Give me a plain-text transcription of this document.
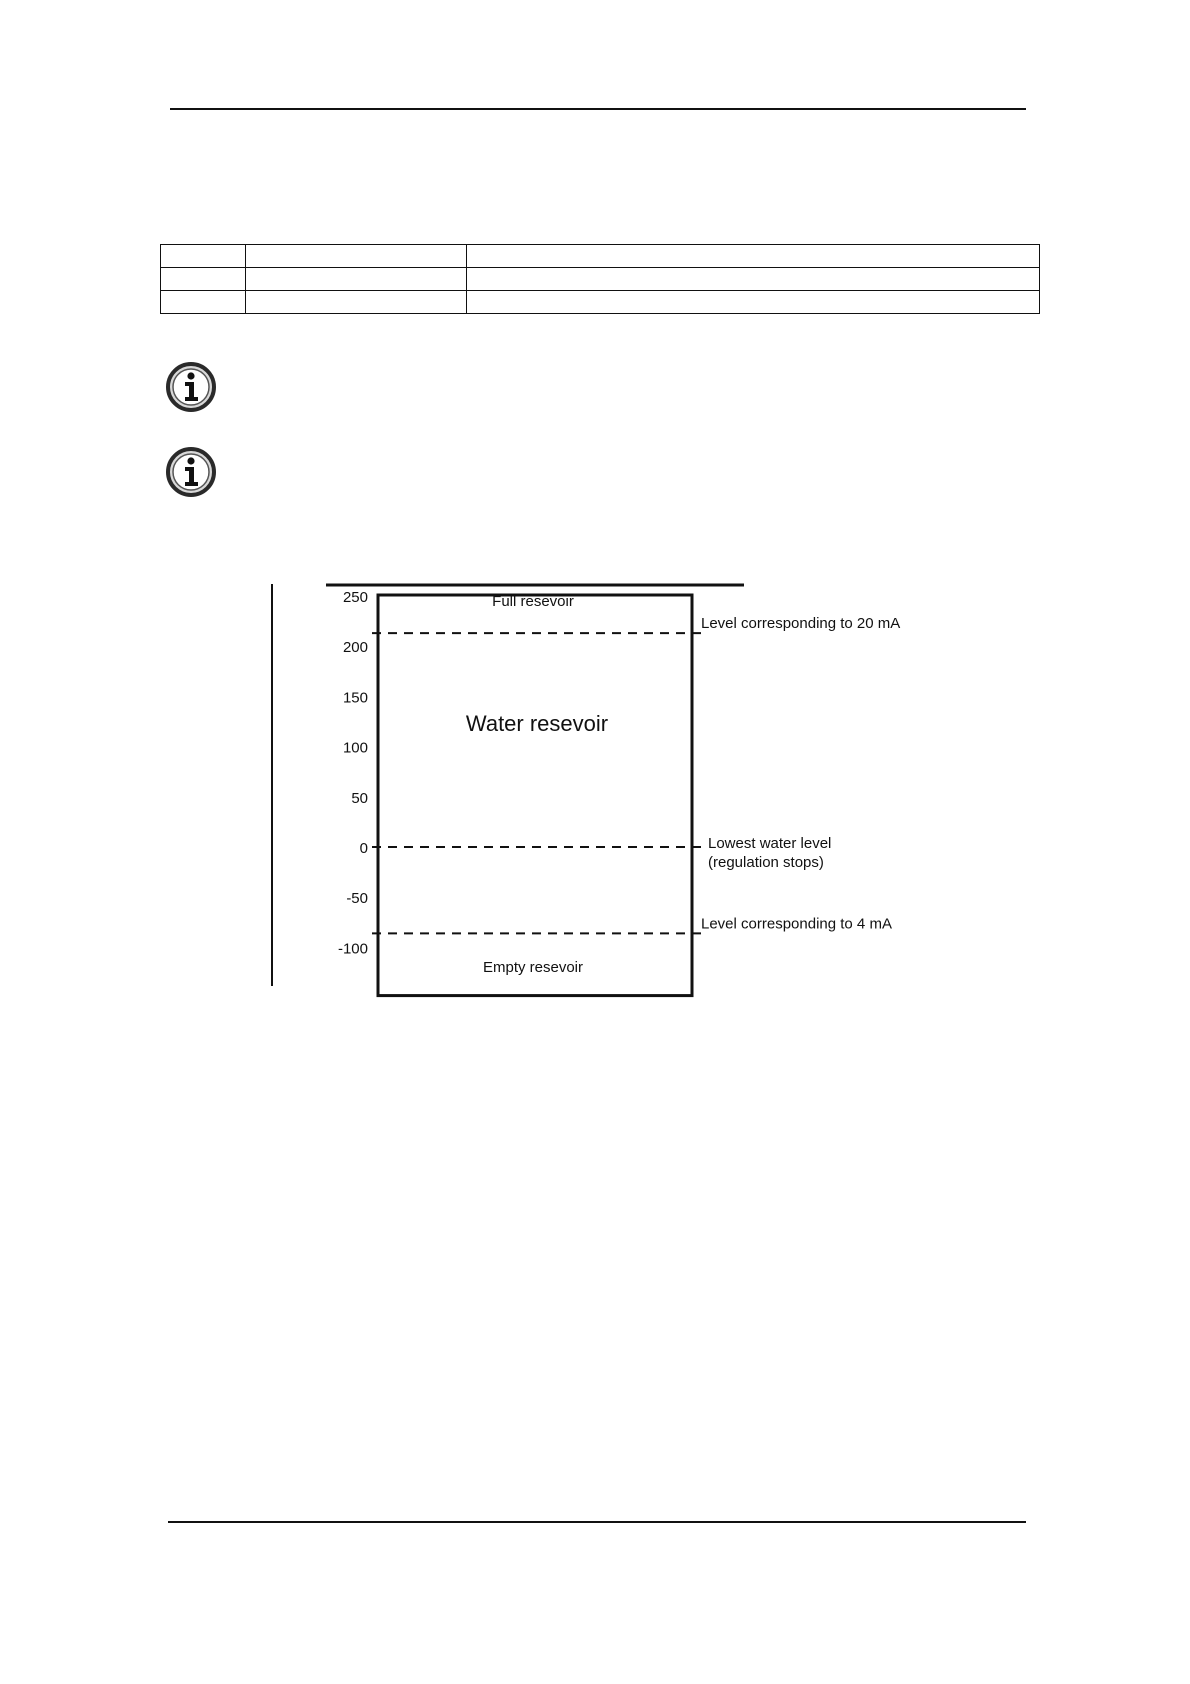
250
200
150
100
50
0
-50
-100
Level corresponding to 20 mA
Lowest water level
(regulation stops)
Level corresponding to 4 mA
Full resevoir
Water resevoir
Empty resevoir
